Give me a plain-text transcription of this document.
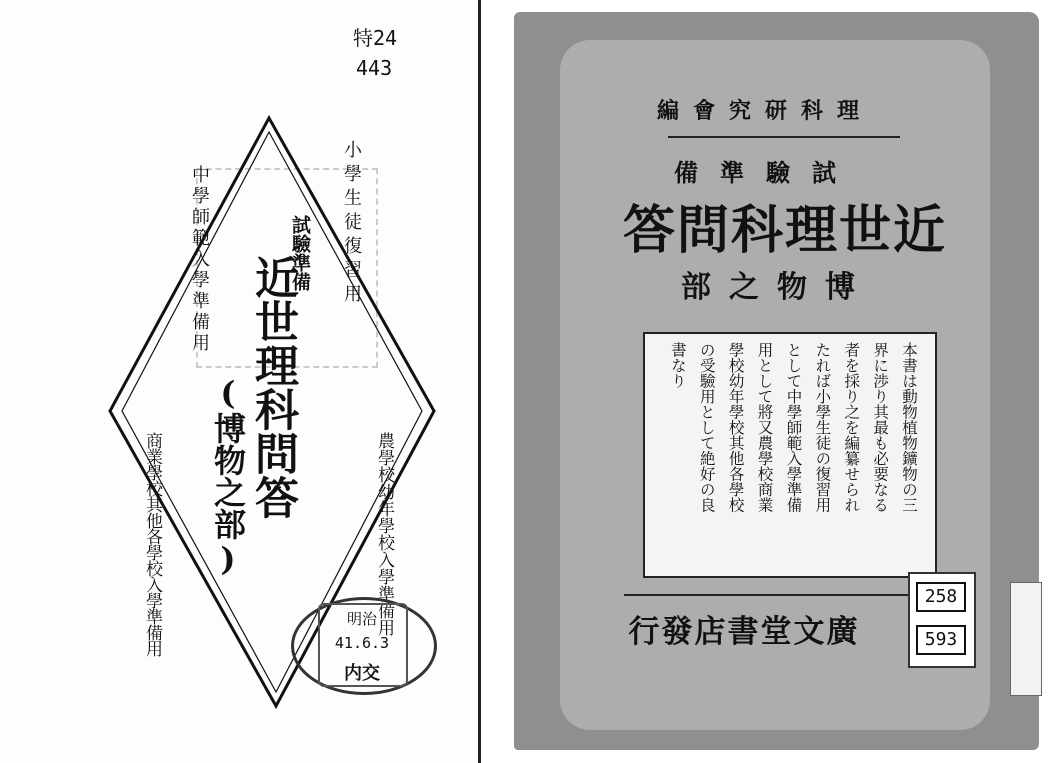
特24
443
中學師範入學準備用	小學生徒復習用
農學校幼年學校入學準備用
商業學校其他各學校入學準備用
試驗準備
近世理科問答
(博物之部)
明治
41.6.3
内交
理科研究會編
試驗準備
近世理科問答
博物之部
本書は動物植物鑛物の三
界に渉り其最も必要なる
者を採り之を編纂せられ
たれば小學生徒の復習用
として中學師範入學準備
用として將又農學校商業
學校幼年學校其他各學校
の受驗用として絶好の良
書なり
廣文堂書店發行
258
593
